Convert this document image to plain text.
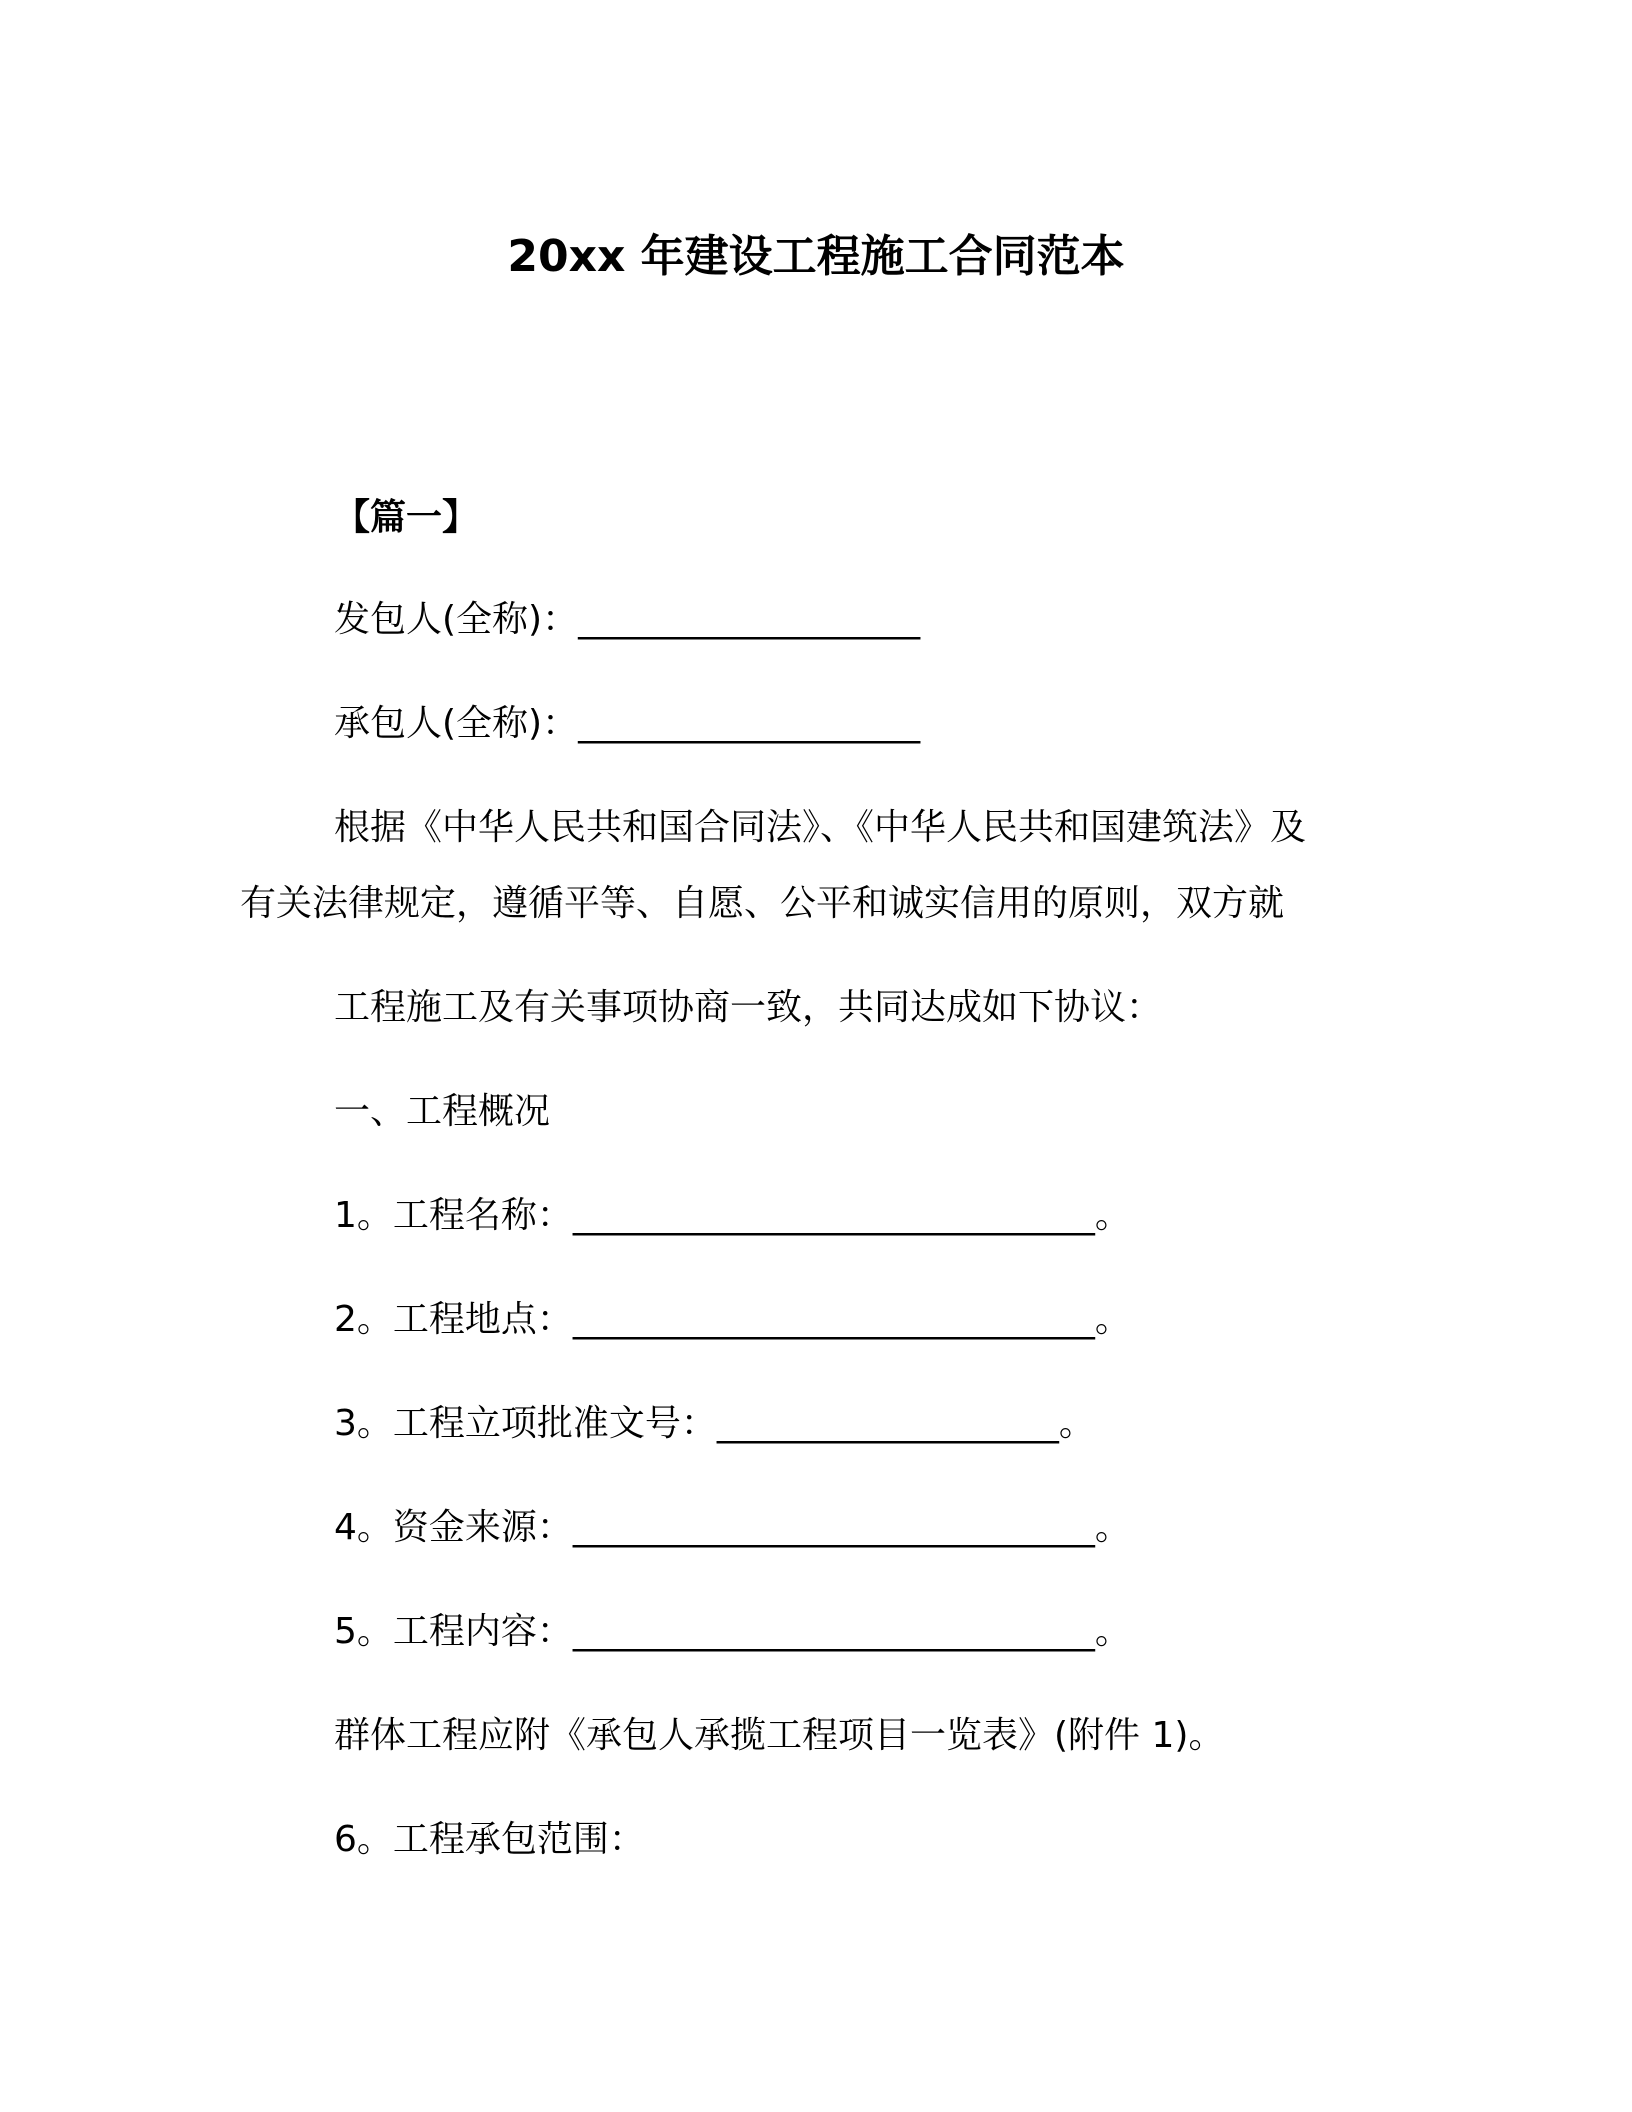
20xx 年建设工程施工合同范本
【篇一】
发包人(全称)：___________________
承包人(全称)：___________________
根据《中华人民共和国合同法》、《中华人民共和国建筑法》及
有关法律规定，遵循平等、自愿、公平和诚实信用的原则，双方就
工程施工及有关事项协商一致，共同达成如下协议：
一、工程概况
1。工程名称：_____________________________。
2。工程地点：_____________________________。
3。工程立项批准文号：___________________。
4。资金来源：_____________________________。
5。工程内容：_____________________________。
群体工程应附《承包人承揽工程项目一览表》(附件 1)。
6。工程承包范围：
